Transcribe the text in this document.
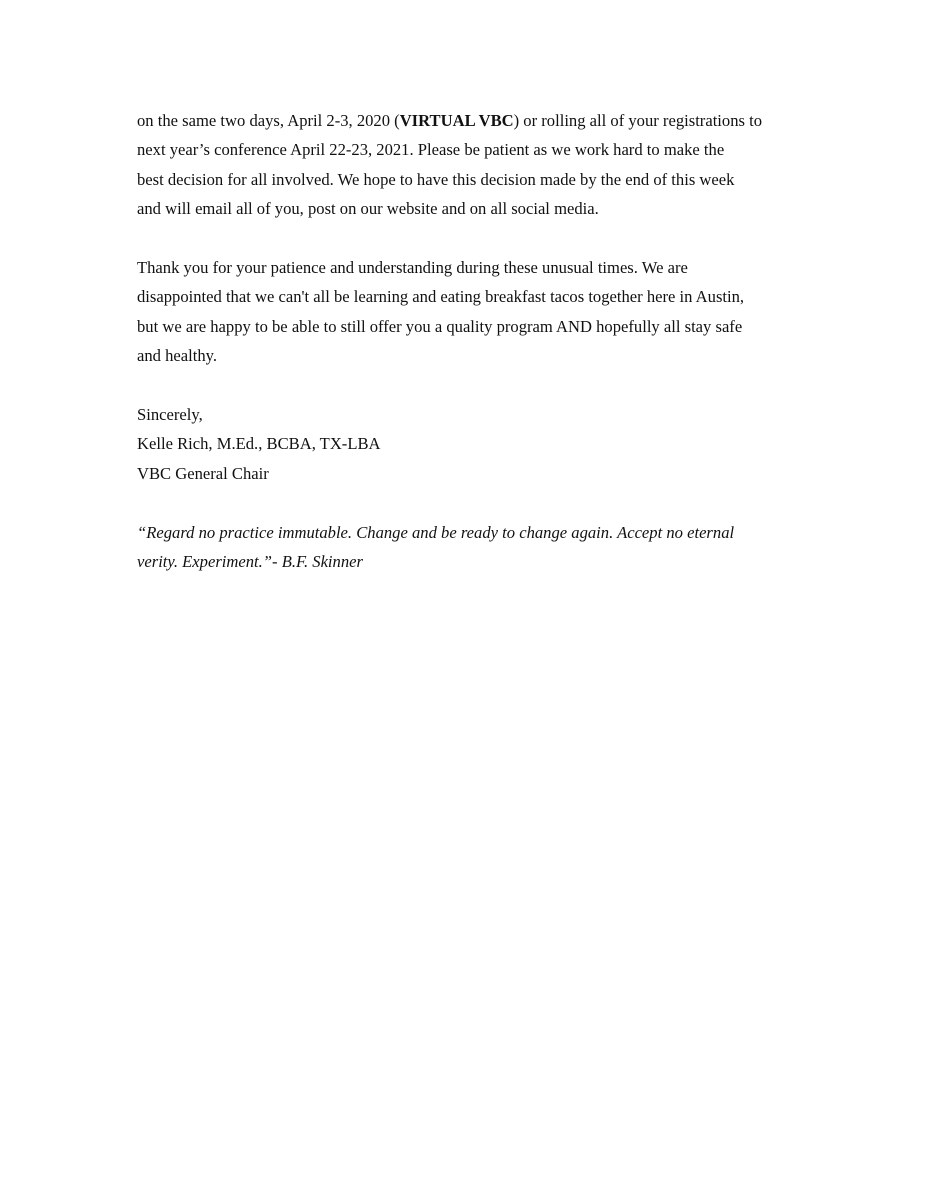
on the same two days, April 2-3, 2020 (VIRTUAL VBC) or rolling all of your registrations to
next year’s conference April 22-23, 2021. Please be patient as we work hard to make the
best decision for all involved. We hope to have this decision made by the end of this week
and will email all of you, post on our website and on all social media.

Thank you for your patience and understanding during these unusual times. We are
disappointed that we can't all be learning and eating breakfast tacos together here in Austin,
but we are happy to be able to still offer you a quality program AND hopefully all stay safe
and healthy.

Sincerely,
Kelle Rich, M.Ed., BCBA, TX-LBA
VBC General Chair

“Regard no practice immutable. Change and be ready to change again. Accept no eternal
verity. Experiment.”- B.F. Skinner
